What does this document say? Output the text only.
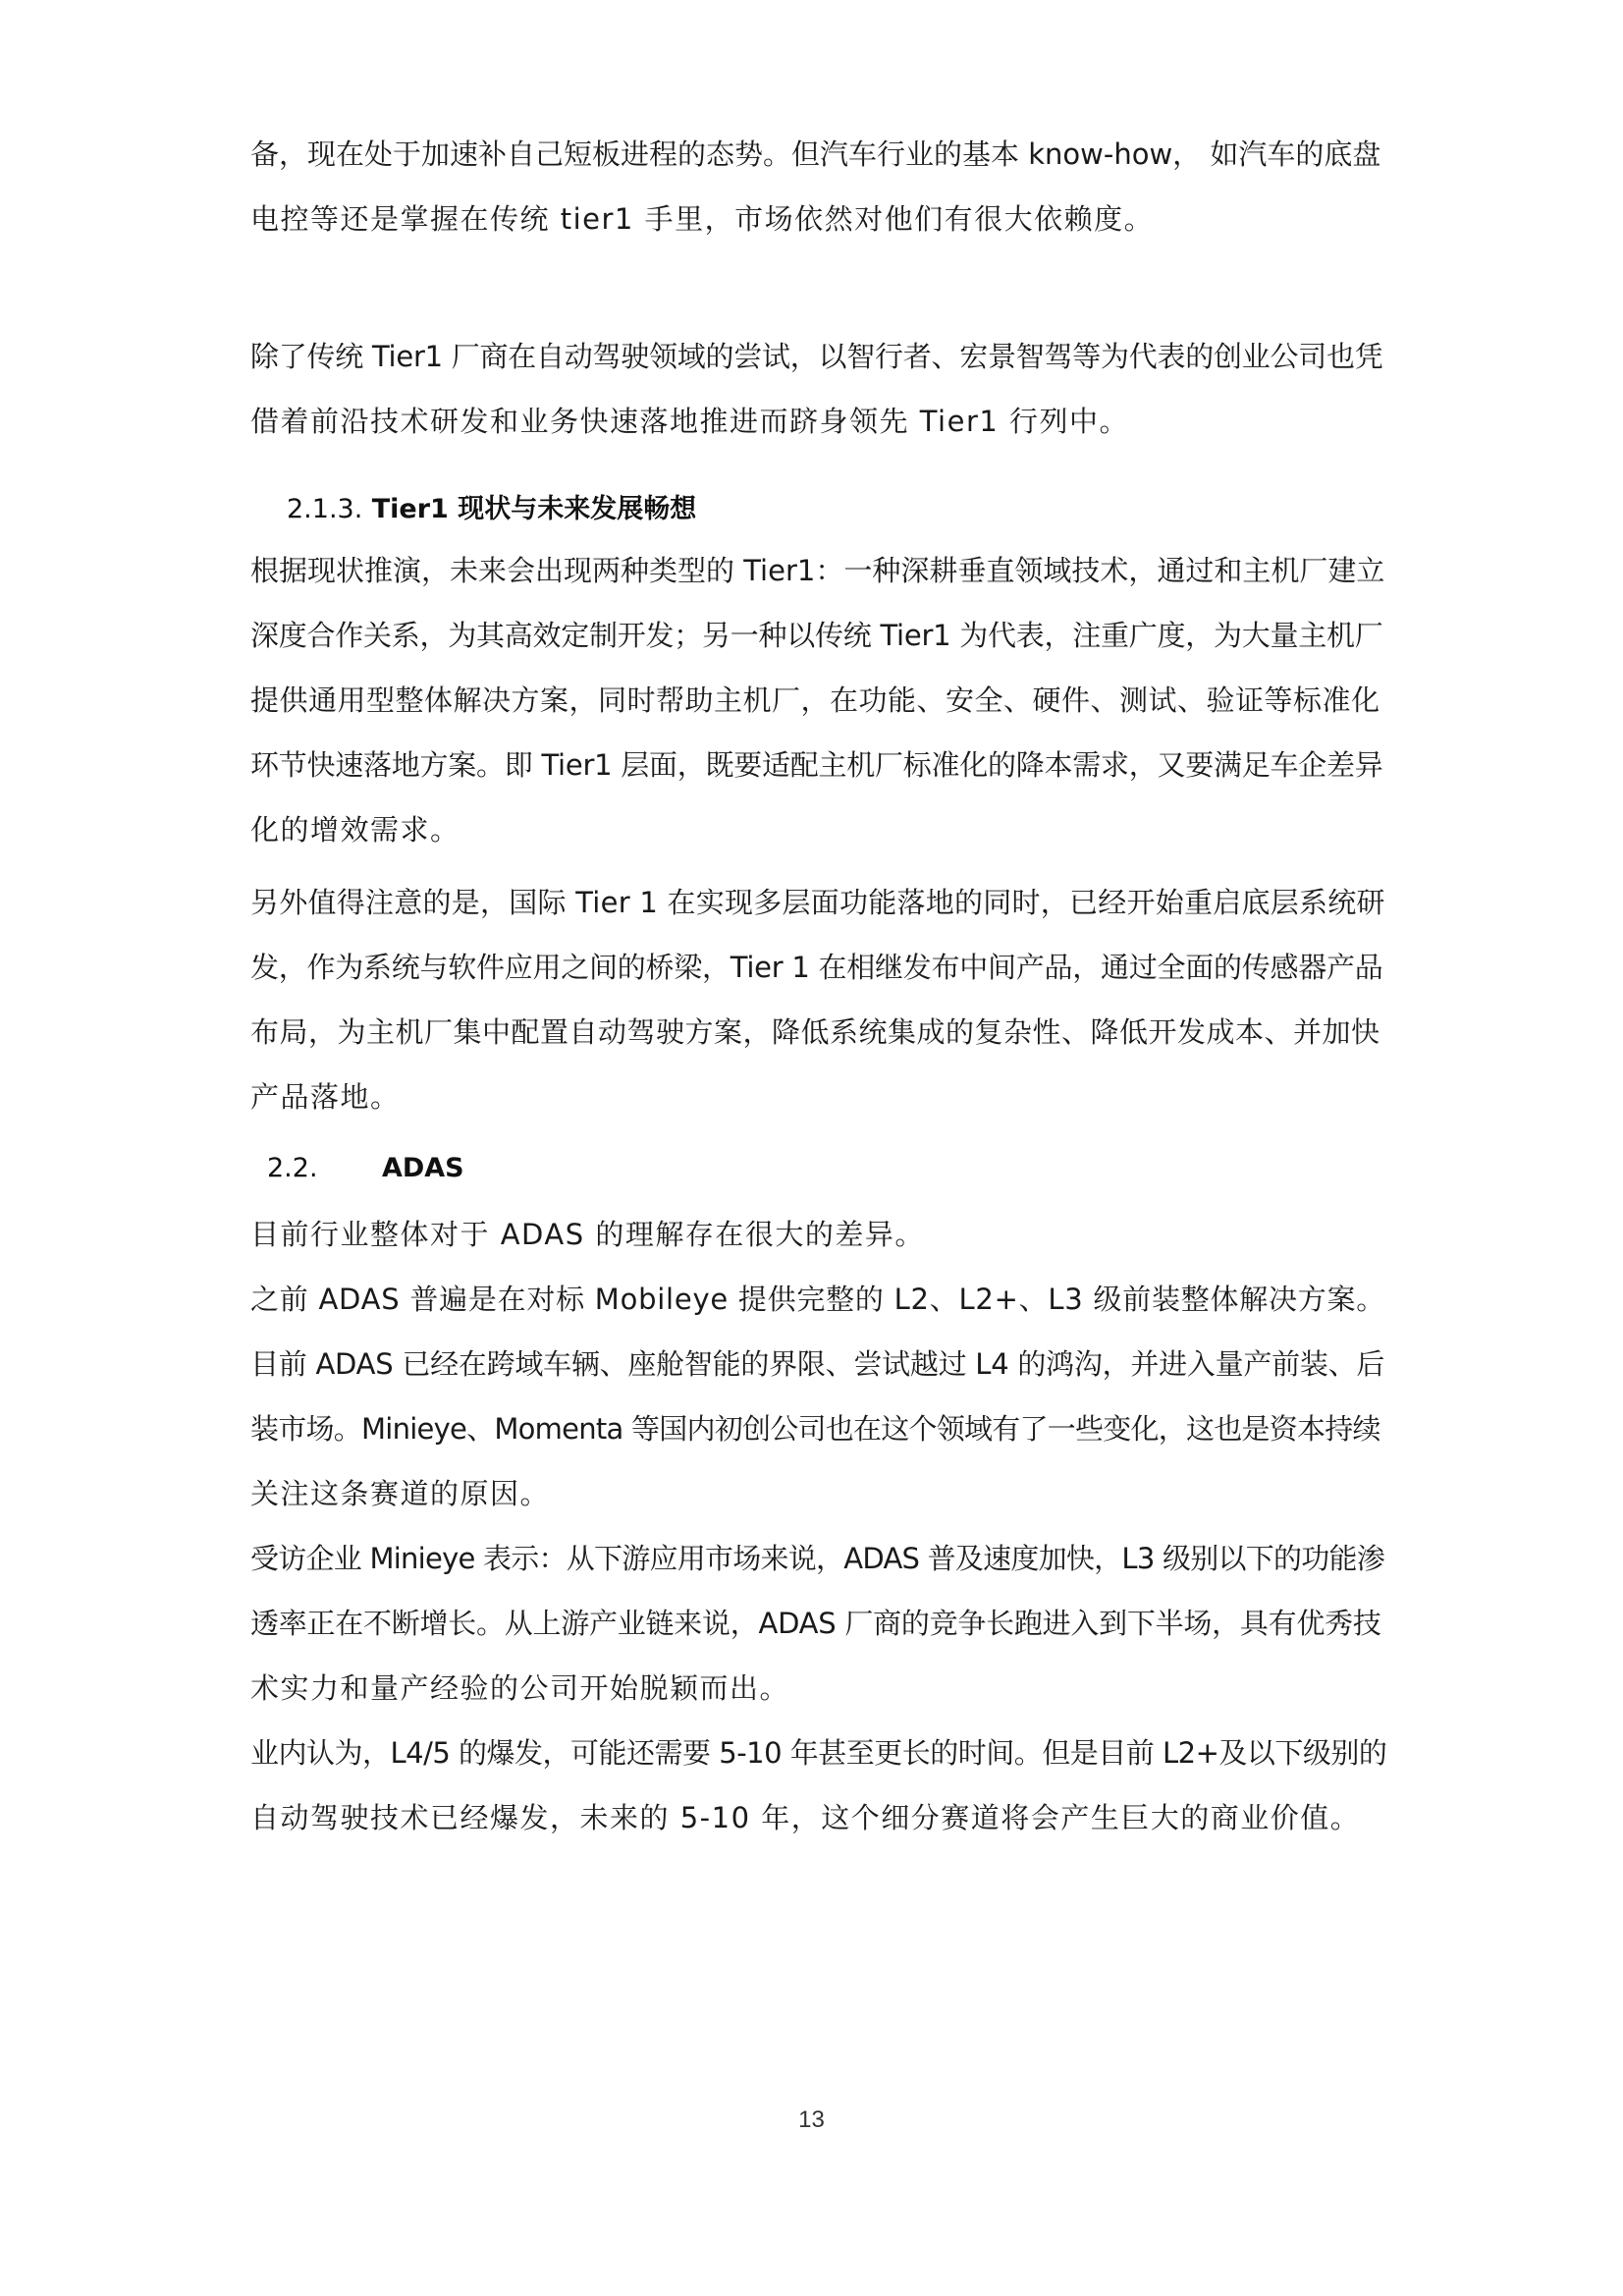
备，现在处于加速补自己短板进程的态势。但汽车行业的基本 know-how， 如汽车的底盘
电控等还是掌握在传统 tier1 手里，市场依然对他们有很大依赖度。

除了传统 Tier1 厂商在自动驾驶领域的尝试，以智行者、宏景智驾等为代表的创业公司也凭
借着前沿技术研发和业务快速落地推进而跻身领先 Tier1 行列中。

2.1.3. Tier1 现状与未来发展畅想

根据现状推演，未来会出现两种类型的 Tier1：一种深耕垂直领域技术，通过和主机厂建立
深度合作关系，为其高效定制开发；另一种以传统 Tier1 为代表，注重广度，为大量主机厂
提供通用型整体解决方案，同时帮助主机厂，在功能、安全、硬件、测试、验证等标准化
环节快速落地方案。即 Tier1 层面，既要适配主机厂标准化的降本需求，又要满足车企差异
化的增效需求。

另外值得注意的是，国际 Tier 1 在实现多层面功能落地的同时，已经开始重启底层系统研
发，作为系统与软件应用之间的桥梁，Tier 1 在相继发布中间产品，通过全面的传感器产品
布局，为主机厂集中配置自动驾驶方案，降低系统集成的复杂性、降低开发成本、并加快
产品落地。

2.2. ADAS

目前行业整体对于 ADAS 的理解存在很大的差异。

之前 ADAS 普遍是在对标 Mobileye 提供完整的 L2、L2+、L3 级前装整体解决方案。

目前 ADAS 已经在跨域车辆、座舱智能的界限、尝试越过 L4 的鸿沟，并进入量产前装、后
装市场。Minieye、Momenta 等国内初创公司也在这个领域有了一些变化，这也是资本持续
关注这条赛道的原因。

受访企业 Minieye 表示：从下游应用市场来说，ADAS 普及速度加快，L3 级别以下的功能渗
透率正在不断增长。从上游产业链来说，ADAS 厂商的竞争长跑进入到下半场，具有优秀技
术实力和量产经验的公司开始脱颖而出。

业内认为，L4/5 的爆发，可能还需要 5-10 年甚至更长的时间。但是目前 L2+及以下级别的
自动驾驶技术已经爆发，未来的 5-10 年，这个细分赛道将会产生巨大的商业价值。

13
